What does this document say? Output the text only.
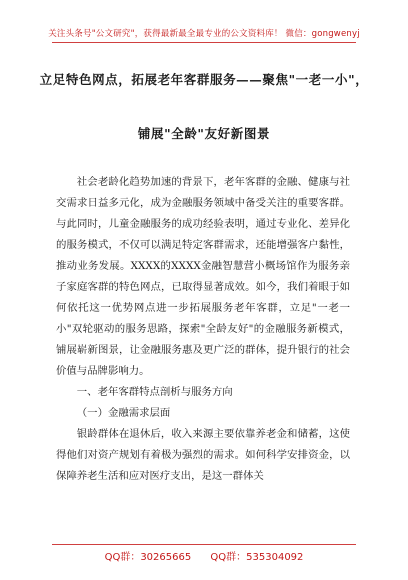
关注头条号"公文研究"，获得最新最全最专业的公文资料库！ 微信：gongwenyj
立足特色网点，拓展老年客群服务——聚焦"一老一小"，
铺展"全龄"友好新图景

社会老龄化趋势加速的背景下，老年客群的金融、健康与社交需求日益多元化，成为金融服务领域中备受关注的重要客群。与此同时，儿童金融服务的成功经验表明，通过专业化、差异化的服务模式，不仅可以满足特定客群需求，还能增强客户黏性，推动业务发展。XXXX的XXXX金融智慧营小概场馆作为服务亲子家庭客群的特色网点，已取得显著成效。如今，我们着眼于如何依托这一优势网点进一步拓展服务老年客群，立足"一老一小"双轮驱动的服务思路，探索"全龄友好"的金融服务新模式，铺展崭新图景，让金融服务惠及更广泛的群体，提升银行的社会价值与品牌影响力。

一、老年客群特点剖析与服务方向

（一）金融需求层面

银龄群体在退休后，收入来源主要依靠养老金和储蓄，这使得他们对资产规划有着极为强烈的需求。如何科学安排资金，以保障养老生活和应对医疗支出，是这一群体关

QQ群：30265665 QQ群：535304092
